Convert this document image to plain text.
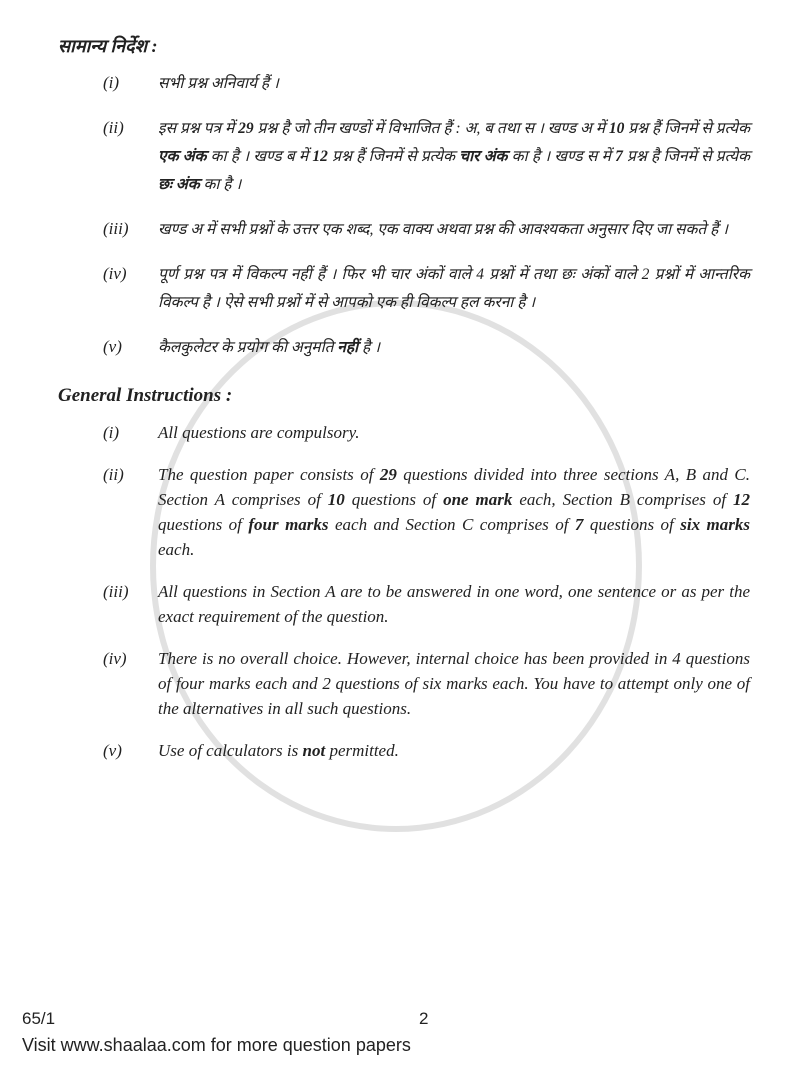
सामान्य निर्देश :
(i)	सभी प्रश्न अनिवार्य हैं ।
(ii) इस प्रश्न पत्र में 29 प्रश्न है जो तीन खण्डों में विभाजित हैं : अ, ब तथा स । खण्ड अ में 10 प्रश्न हैं जिनमें से प्रत्येक एक अंक का है । खण्ड ब में 12 प्रश्न हैं जिनमें से प्रत्येक चार अंक का है । खण्ड स में 7 प्रश्न है जिनमें से प्रत्येक छः अंक का है ।
(iii) खण्ड अ में सभी प्रश्नों के उत्तर एक शब्द, एक वाक्य अथवा प्रश्न की आवश्यकता अनुसार दिए जा सकते हैं ।
(iv) पूर्ण प्रश्न पत्र में विकल्प नहीं हैं । फिर भी चार अंकों वाले 4 प्रश्नों में तथा छः अंकों वाले 2 प्रश्नों में आन्तरिक विकल्प है । ऐसे सभी प्रश्नों में से आपको एक ही विकल्प हल करना है ।
(v) कैलकुलेटर के प्रयोग की अनुमति नहीं है ।
General Instructions :
(i) All questions are compulsory.
(ii) The question paper consists of 29 questions divided into three sections A, B and C. Section A comprises of 10 questions of one mark each, Section B comprises of 12 questions of four marks each and Section C comprises of 7 questions of six marks each.
(iii) All questions in Section A are to be answered in one word, one sentence or as per the exact requirement of the question.
(iv) There is no overall choice. However, internal choice has been provided in 4 questions of four marks each and 2 questions of six marks each. You have to attempt only one of the alternatives in all such questions.
(v) Use of calculators is not permitted.
65/1	2
Visit www.shaalaa.com for more question papers
